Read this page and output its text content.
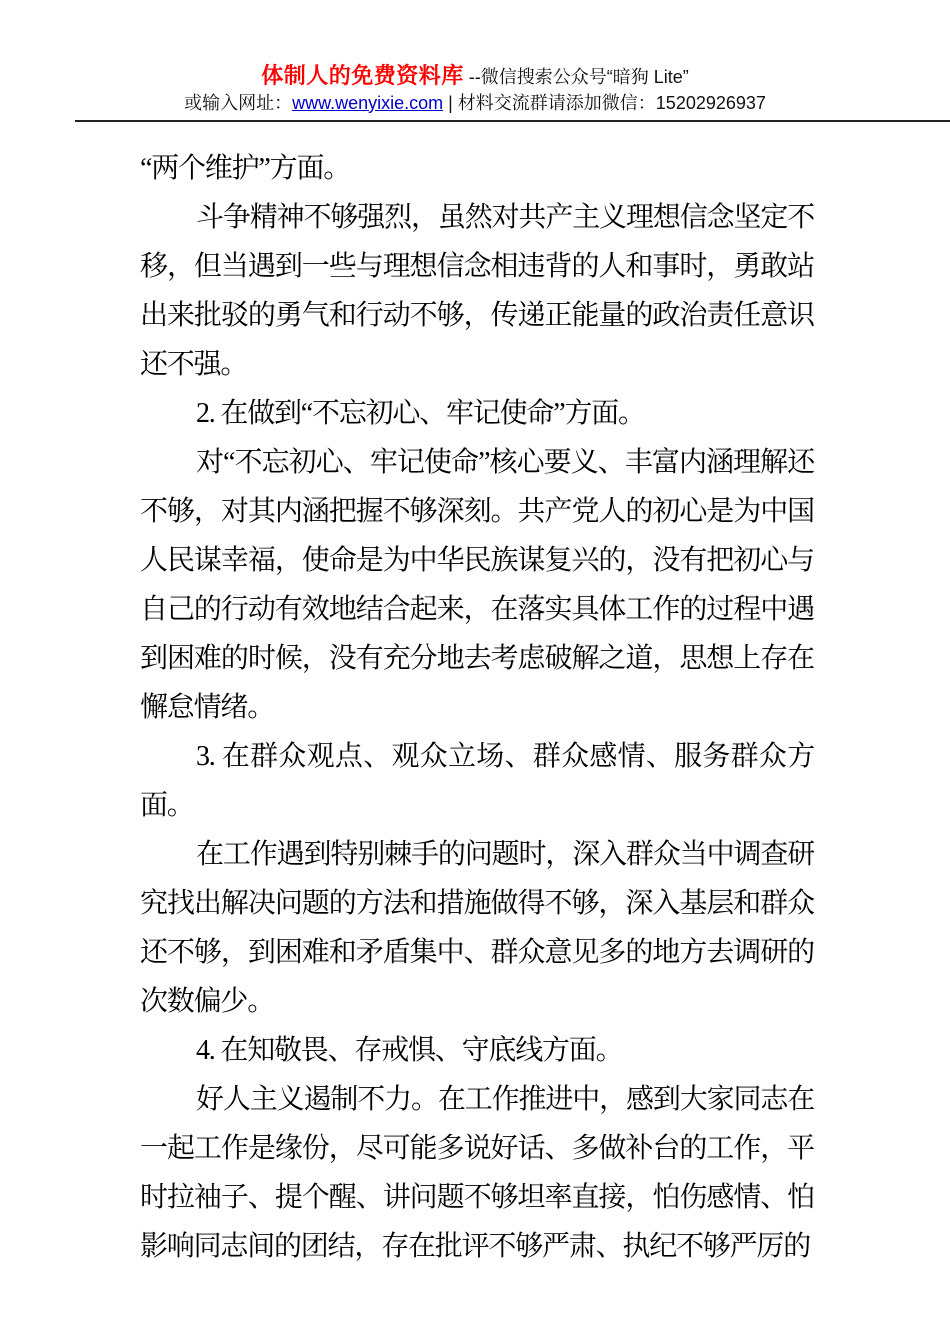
体制人的免费资料库 --微信搜索公众号“暗狗 Lite”
或输入网址：www.wenyixie.com | 材料交流群请添加微信：15202926937

“两个维护”方面。

斗争精神不够强烈，虽然对共产主义理想信念坚定不移，但当遇到一些与理想信念相违背的人和事时，勇敢站出来批驳的勇气和行动不够，传递正能量的政治责任意识还不强。

2. 在做到“不忘初心、牢记使命”方面。

对“不忘初心、牢记使命”核心要义、丰富内涵理解还不够，对其内涵把握不够深刻。共产党人的初心是为中国人民谋幸福，使命是为中华民族谋复兴的，没有把初心与自己的行动有效地结合起来，在落实具体工作的过程中遇到困难的时候，没有充分地去考虑破解之道，思想上存在懈怠情绪。

3. 在群众观点、观众立场、群众感情、服务群众方面。

在工作遇到特别棘手的问题时，深入群众当中调查研究找出解决问题的方法和措施做得不够，深入基层和群众还不够，到困难和矛盾集中、群众意见多的地方去调研的次数偏少。

4. 在知敬畏、存戒惧、守底线方面。

好人主义遏制不力。在工作推进中，感到大家同志在一起工作是缘份，尽可能多说好话、多做补台的工作，平时拉袖子、提个醒、讲问题不够坦率直接，怕伤感情、怕影响同志间的团结，存在批评不够严肃、执纪不够严厉的
